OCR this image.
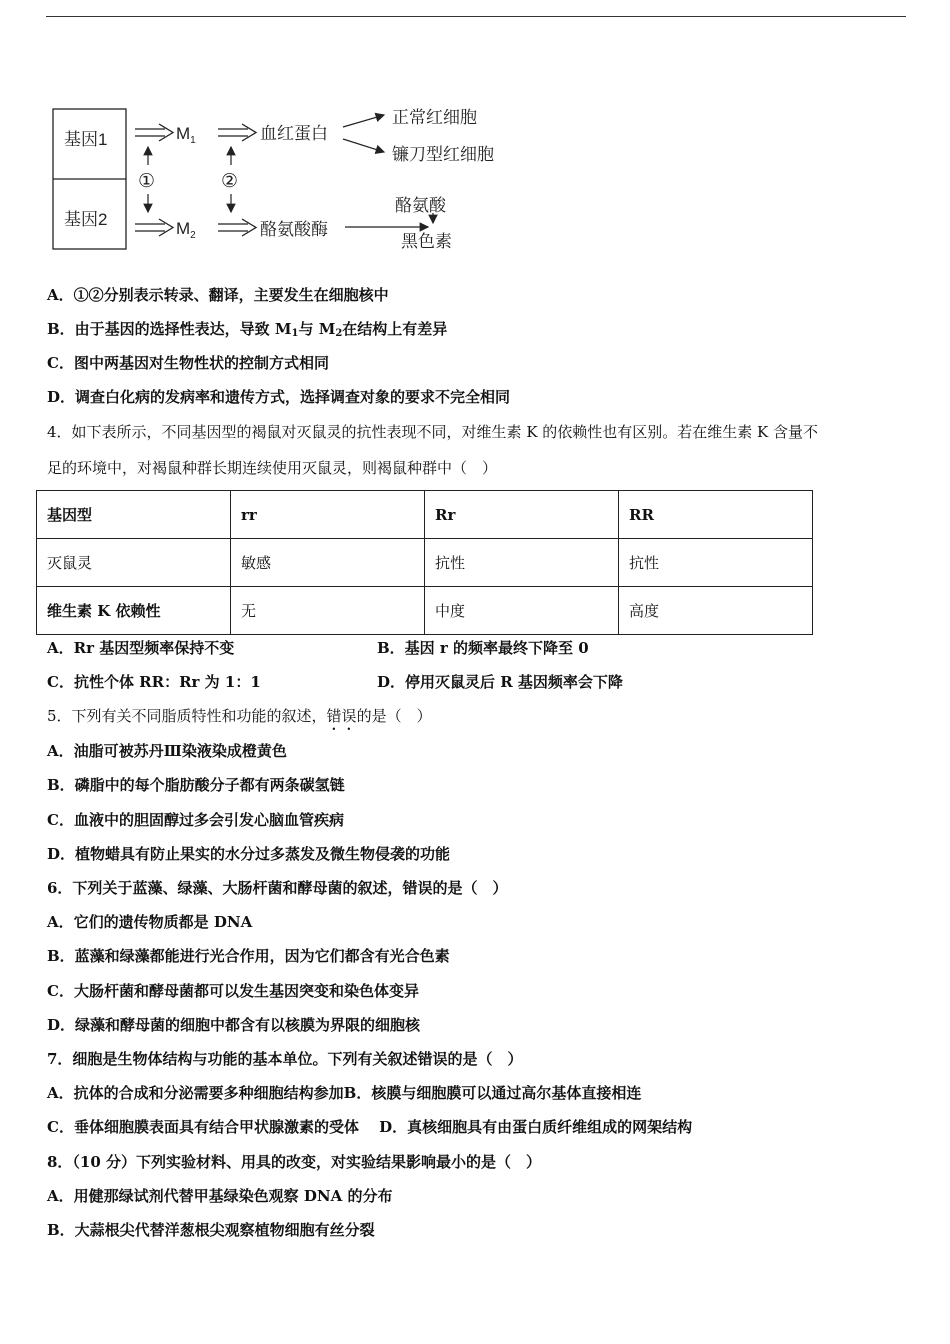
基因1
基因2
$M_1$
$M_2$
①	②
血红蛋白
酪氨酸酶
正常红细胞
镰刀型红细胞
酪氨酸
黑色素
A．①②分别表示转录、翻译，主要发生在细胞核中
B．由于基因的选择性表达，导致 $M_1$与 $M_2$在结构上有差异
C．图中两基因对生物性状的控制方式相同
D．调查白化病的发病率和遗传方式，选择调查对象的要求不完全相同
4．如下表所示，不同基因型的褐鼠对灭鼠灵的抗性表现不同，对维生素 K 的依赖性也有区别。若在维生素 K 含量不
足的环境中，对褐鼠种群长期连续使用灭鼠灵，则褐鼠种群中（　）
基因型	rr	Rr	RR
灭鼠灵	敏感	抗性	抗性
维生素 K 依赖性	无	中度	高度
A．Rr 基因型频率保持不变	B．基因 r 的频率最终下降至 0
C．抗性个体 RR：Rr 为 1：1	D．停用灭鼠灵后 R 基因频率会下降
5．下列有关不同脂质特性和功能的叙述，错误的是（　）
A．油脂可被苏丹Ⅲ染液染成橙黄色
B．磷脂中的每个脂肪酸分子都有两条碳氢链
C．血液中的胆固醇过多会引发心脑血管疾病
D．植物蜡具有防止果实的水分过多蒸发及微生物侵袭的功能
6．下列关于蓝藻、绿藻、大肠杆菌和酵母菌的叙述，错误的是（　）
A．它们的遗传物质都是 DNA
B．蓝藻和绿藻都能进行光合作用，因为它们都含有光合色素
C．大肠杆菌和酵母菌都可以发生基因突变和染色体变异
D．绿藻和酵母菌的细胞中都含有以核膜为界限的细胞核
7．细胞是生物体结构与功能的基本单位。下列有关叙述错误的是（　）
A．抗体的合成和分泌需要多种细胞结构参加B．核膜与细胞膜可以通过高尔基体直接相连
C．垂体细胞膜表面具有结合甲状腺激素的受体　 D．真核细胞具有由蛋白质纤维组成的网架结构
8．（10 分）下列实验材料、用具的改变，对实验结果影响最小的是（　）
A．用健那绿试剂代替甲基绿染色观察 DNA 的分布
B．大蒜根尖代替洋葱根尖观察植物细胞有丝分裂
